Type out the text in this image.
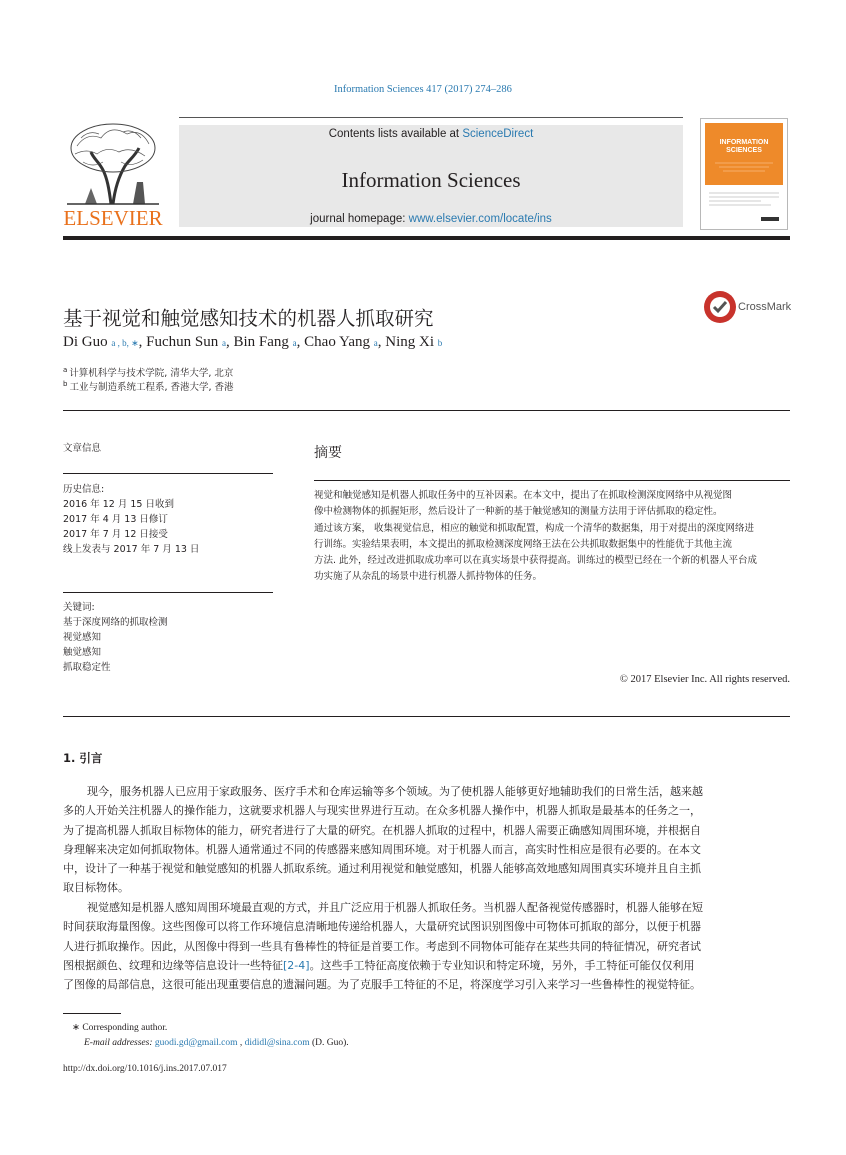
Information Sciences 417 (2017) 274–286
ELSEVIER
Contents lists available at ScienceDirect
Information Sciences
journal homepage: www.elsevier.com/locate/ins
INFORMATION SCIENCES
基于视觉和触觉感知技术的机器人抓取研究	CrossMark
Di Guo a , b, ∗, Fuchun Sun a, Bin Fang a, Chao Yang a, Ning Xi b
$^a$ 计算机科学与技术学院, 清华大学, 北京
$^b$ 工业与制造系统工程系, 香港大学, 香港
文章信息
历史信息:
2016 年 12 月 15 日收到
2017 年 4 月 13 日修订
2017 年 7 月 12 日接受
线上发表与 2017 年 7 月 13 日
关键词:
基于深度网络的抓取检测
视觉感知
触觉感知
抓取稳定性
摘要
视觉和触觉感知是机器人抓取任务中的互补因素。在本文中，提出了在抓取检测深度网络中从视觉图
像中检测物体的抓握矩形，然后设计了一种新的基于触觉感知的测量方法用于评估抓取的稳定性。
通过该方案， 收集视觉信息，相应的触觉和抓取配置，构成一个清华的数据集，用于对提出的深度网络进
行训练。实验结果表明，本文提出的抓取检测深度网络王法在公共抓取数据集中的性能优于其他主流
方法. 此外，经过改进抓取成功率可以在真实场景中获得提高。训练过的模型已经在一个新的机器人平台成
功实施了从杂乱的场景中进行机器人抓持物体的任务。
© 2017 Elsevier Inc. All rights reserved.
1. 引言
现今，服务机器人已应用于家政服务、医疗手术和仓库运输等多个领域。为了使机器人能够更好地辅助我们的日常生活，越来越
多的人开始关注机器人的操作能力，这就要求机器人与现实世界进行互动。在众多机器人操作中，机器人抓取是最基本的任务之一，
为了提高机器人抓取目标物体的能力，研究者进行了大量的研究。在机器人抓取的过程中，机器人需要正确感知周围环境，并根据自
身理解来决定如何抓取物体。机器人通常通过不同的传感器来感知周围环境。对于机器人而言，高实时性相应是很有必要的。在本文
中，设计了一种基于视觉和触觉感知的机器人抓取系统。通过利用视觉和触觉感知，机器人能够高效地感知周围真实环境并且自主抓
取目标物体。
视觉感知是机器人感知周围环境最直观的方式，并且广泛应用于机器人抓取任务。当机器人配备视觉传感器时，机器人能够在短
时间获取海量图像。这些图像可以将工作环境信息清晰地传递给机器人，大量研究试图识别图像中可物体可抓取的部分，以便于机器
人进行抓取操作。因此，从图像中得到一些具有鲁棒性的特征是首要工作。考虑到不同物体可能存在某些共同的特征情况，研究者试
图根据颜色、纹理和边缘等信息设计一些特征[2-4]。这些手工特征高度依赖于专业知识和特定环境，另外，手工特征可能仅仅利用
了图像的局部信息，这很可能出现重要信息的遗漏问题。为了克服手工特征的不足，将深度学习引入来学习一些鲁棒性的视觉特征。
∗ Corresponding author.
E-mail addresses: guodi.gd@gmail.com , dididl@sina.com (D. Guo).
http://dx.doi.org/10.1016/j.ins.2017.07.017
